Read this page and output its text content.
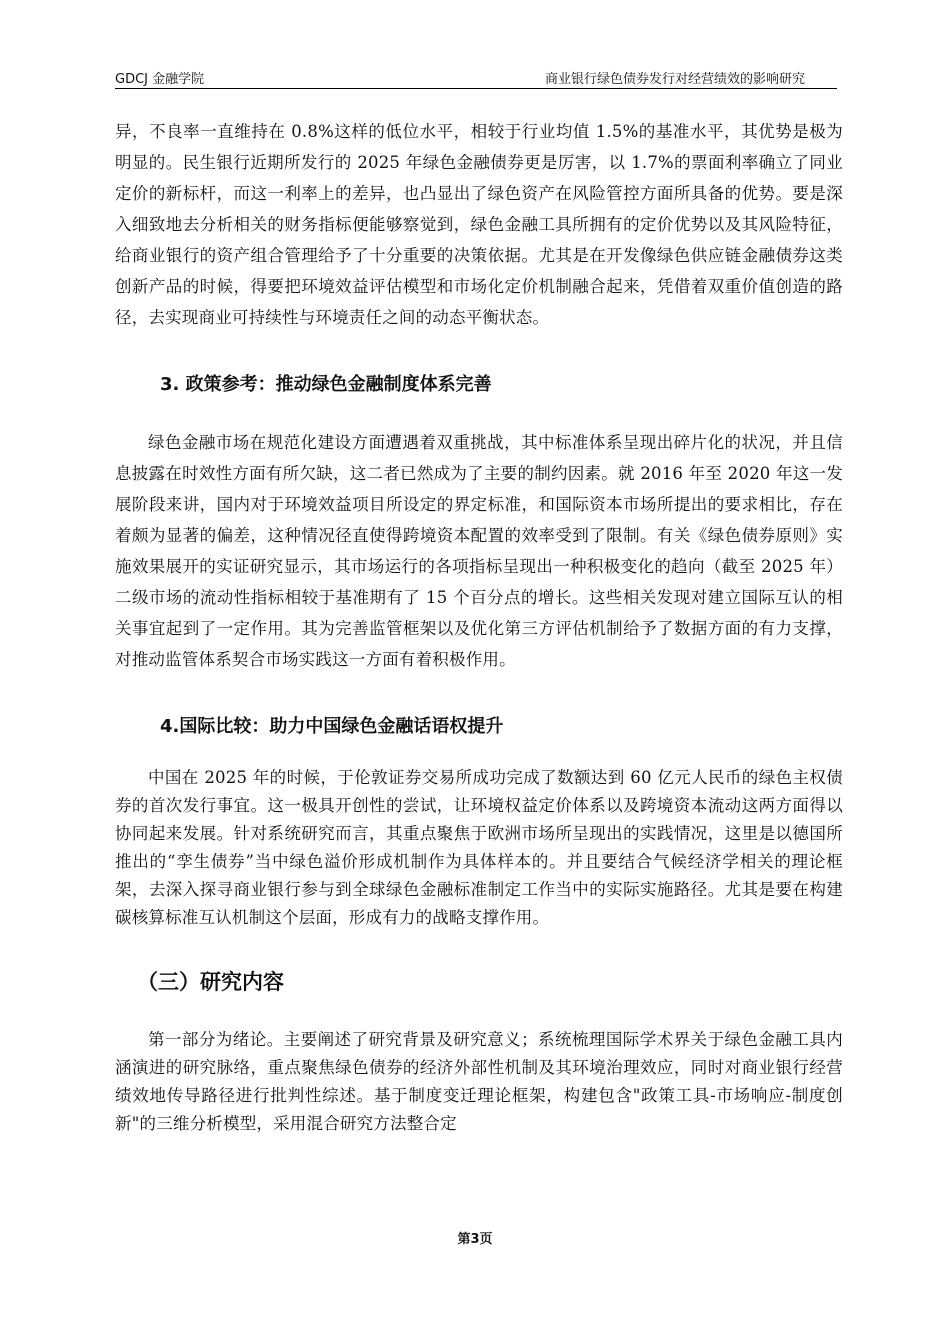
GDCJ 金融学院	商业银行绿色债券发行对经营绩效的影响研究

异，不良率一直维持在 0.8%这样的低位水平，相较于行业均值 1.5%的基准水平，其优势是极为明显的。民生银行近期所发行的 2025 年绿色金融债券更是厉害，以 1.7%的票面利率确立了同业定价的新标杆，而这一利率上的差异，也凸显出了绿色资产在风险管控方面所具备的优势。要是深入细致地去分析相关的财务指标便能够察觉到，绿色金融工具所拥有的定价优势以及其风险特征，给商业银行的资产组合管理给予了十分重要的决策依据。尤其是在开发像绿色供应链金融债券这类创新产品的时候，得要把环境效益评估模型和市场化定价机制融合起来，凭借着双重价值创造的路径，去实现商业可持续性与环境责任之间的动态平衡状态。

3. 政策参考：推动绿色金融制度体系完善

绿色金融市场在规范化建设方面遭遇着双重挑战，其中标准体系呈现出碎片化的状况，并且信息披露在时效性方面有所欠缺，这二者已然成为了主要的制约因素。就 2016 年至 2020 年这一发展阶段来讲，国内对于环境效益项目所设定的界定标准，和国际资本市场所提出的要求相比，存在着颇为显著的偏差，这种情况径直使得跨境资本配置的效率受到了限制。有关《绿色债券原则》实施效果展开的实证研究显示，其市场运行的各项指标呈现出一种积极变化的趋向（截至 2025 年）二级市场的流动性指标相较于基准期有了 15 个百分点的增长。这些相关发现对建立国际互认的相关事宜起到了一定作用。其为完善监管框架以及优化第三方评估机制给予了数据方面的有力支撑，对推动监管体系契合市场实践这一方面有着积极作用。

4.国际比较：助力中国绿色金融话语权提升

中国在 2025 年的时候，于伦敦证券交易所成功完成了数额达到 60 亿元人民币的绿色主权债券的首次发行事宜。这一极具开创性的尝试，让环境权益定价体系以及跨境资本流动这两方面得以协同起来发展。针对系统研究而言，其重点聚焦于欧洲市场所呈现出的实践情况，这里是以德国所推出的“孪生债券”当中绿色溢价形成机制作为具体样本的。并且要结合气候经济学相关的理论框架，去深入探寻商业银行参与到全球绿色金融标准制定工作当中的实际实施路径。尤其是要在构建碳核算标准互认机制这个层面，形成有力的战略支撑作用。

（三）研究内容

第一部分为绪论。主要阐述了研究背景及研究意义；系统梳理国际学术界关于绿色金融工具内涵演进的研究脉络，重点聚焦绿色债券的经济外部性机制及其环境治理效应，同时对商业银行经营绩效地传导路径进行批判性综述。基于制度变迁理论框架，构建包含"政策工具-市场响应-制度创新"的三维分析模型，采用混合研究方法整合定

第3页
